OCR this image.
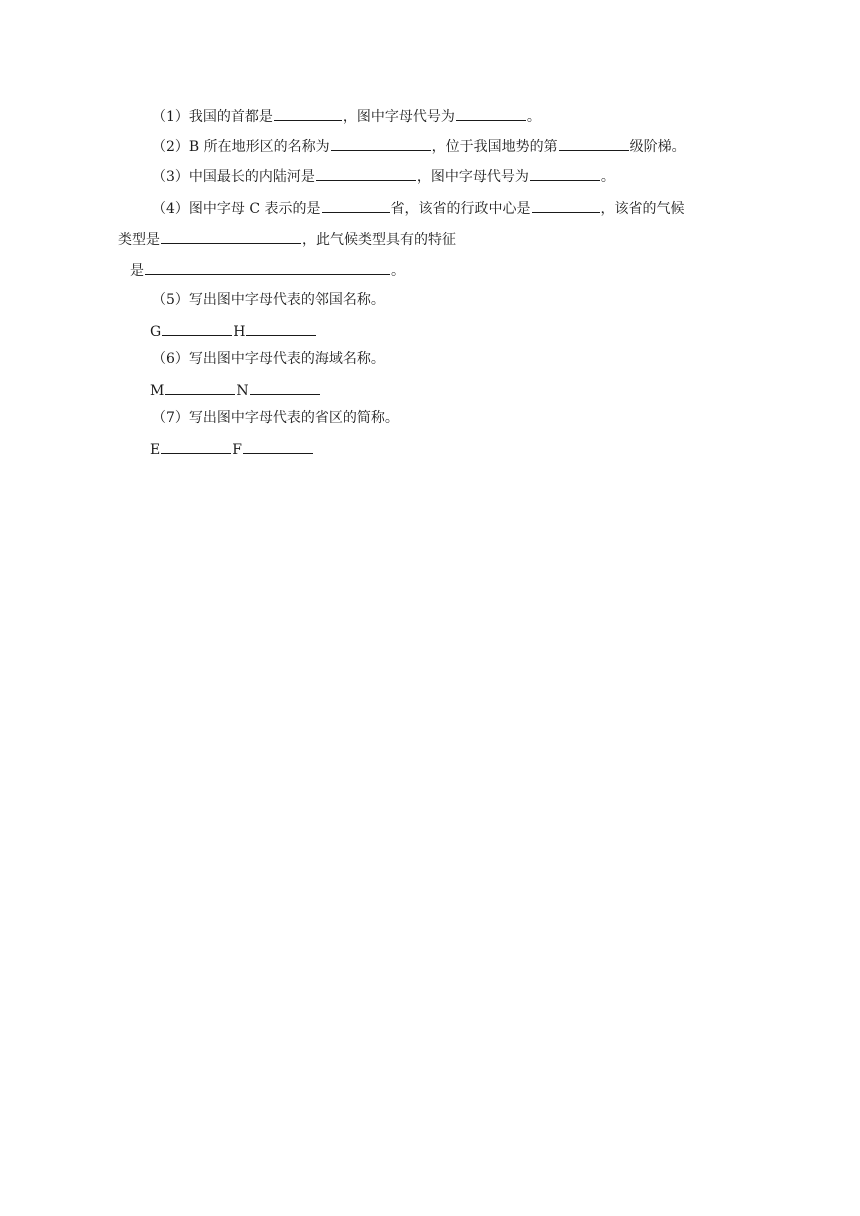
（1）我国的首都是	，图中字母代号为	。
（2）B 所在地形区的名称为	，位于我国地势的第	级阶梯。
（3）中国最长的内陆河是	，图中字母代号为	。
（4）图中字母 C 表示的是	省，该省的行政中心是	，该省的气候
类型是	，此气候类型具有的特征
是	。
（5）写出图中字母代表的邻国名称。
G	H
（6）写出图中字母代表的海域名称。
M	N
（7）写出图中字母代表的省区的简称。
E	F
